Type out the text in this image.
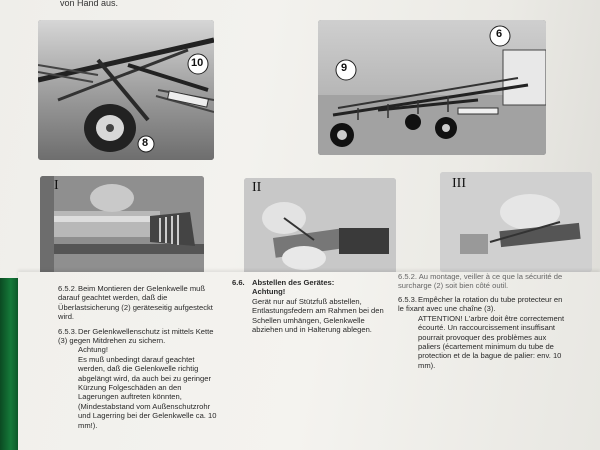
von Hand aus.
10
8
9
6
I	II	III

6.5.2.Beim Montieren der Gelenkwelle muß darauf geachtet werden, daß die Überlastsicherung (2) geräteseitig aufgesteckt wird.

6.5.3.Der Gelenkwellenschutz ist mittels Kette (3) gegen Mitdrehen zu sichern.
Achtung!
Es muß unbedingt darauf geachtet werden, daß die Gelenkwelle richtig abgelängt wird, da auch bei zu geringer Kürzung Folgeschäden an den Lagerungen auftreten könnten, (Mindestabstand vom Außenschutzrohr und Lagerring bei der Gelenkwelle ca. 10 mm!).

6.6. Abstellen des Gerätes:
Achtung!
Gerät nur auf Stützfuß abstellen, Entlastungsfedern am Rahmen bei den Schellen umhängen, Gelenkwelle abziehen und in Halterung ablegen.

6.5.2. Au montage, veiller à ce que la sécurité de surcharge (2) soit bien côté outil.

6.5.3.Empêcher la rotation du tube protecteur en le fixant avec une chaîne (3).
ATTENTION! L'arbre doit être correctement écourté. Un raccourcissement insuffisant pourrait provoquer des problèmes aux paliers (écartement minimum du tube de protection et de la bague de palier: env. 10 mm).
